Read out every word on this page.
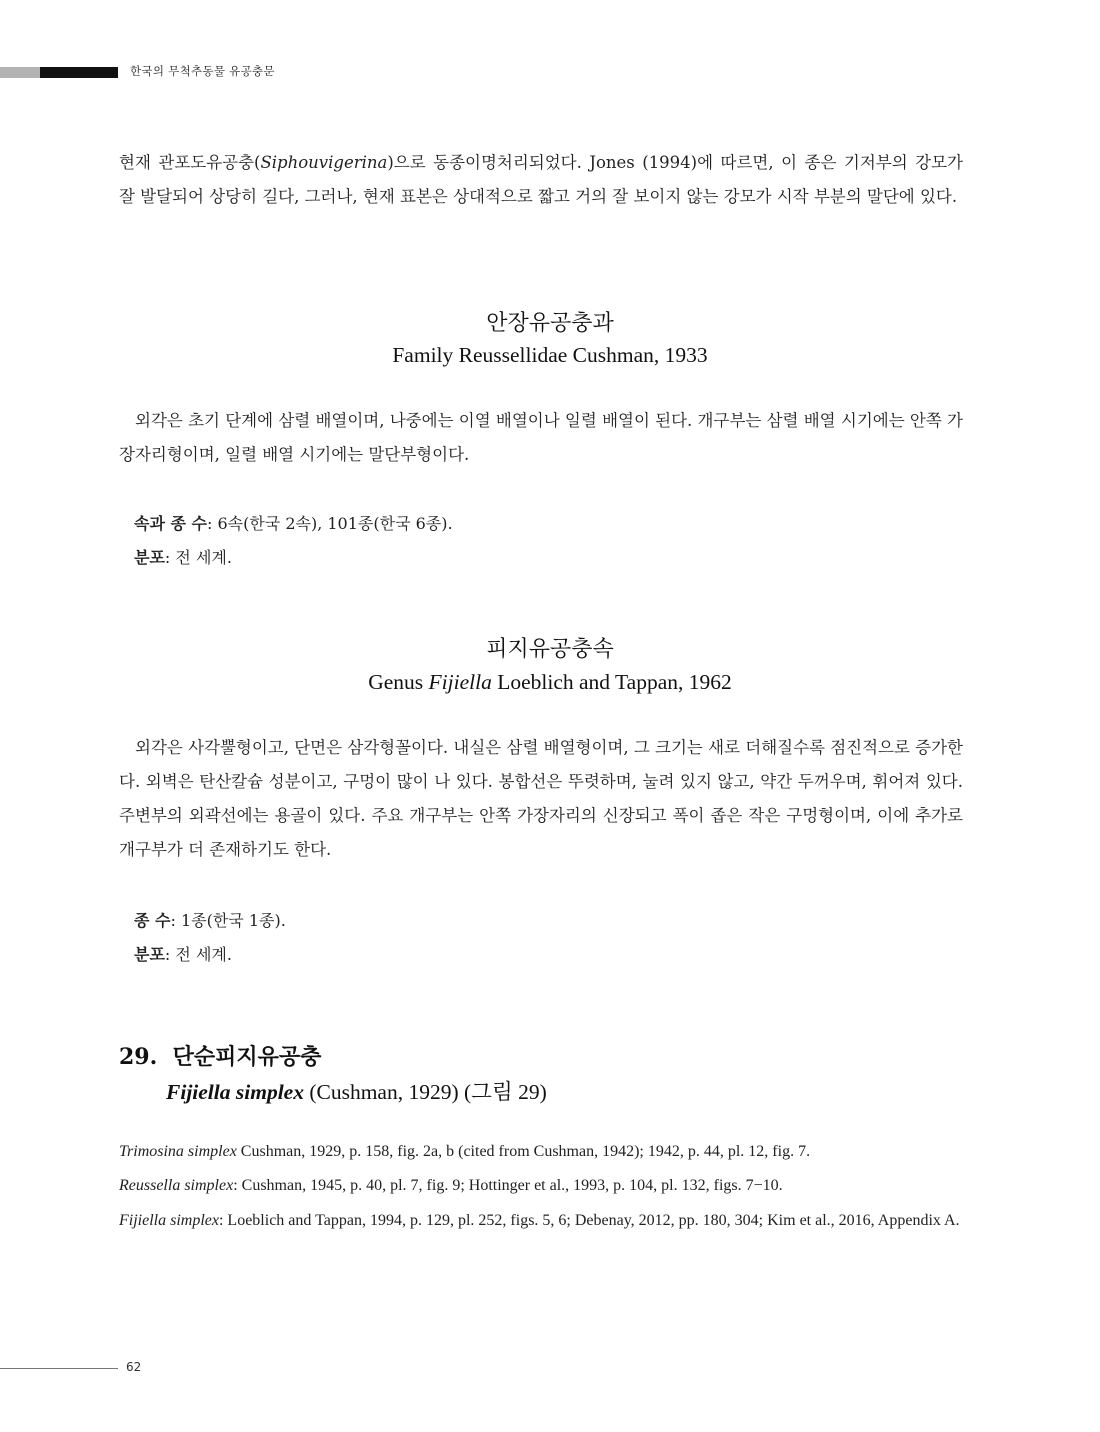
한국의 무척추동물 유공충문

현재 관포도유공충(Siphouvigerina)으로 동종이명처리되었다. Jones (1994)에 따르면, 이 종은 기저부의 강모가 잘 발달되어 상당히 길다, 그러나, 현재 표본은 상대적으로 짧고 거의 잘 보이지 않는 강모가 시작 부분의 말단에 있다.

안장유공충과
Family Reussellidae Cushman, 1933

외각은 초기 단계에 삼렬 배열이며, 나중에는 이열 배열이나 일렬 배열이 된다. 개구부는 삼렬 배열 시기에는 안쪽 가장자리형이며, 일렬 배열 시기에는 말단부형이다.

속과 종 수: 6속(한국 2속), 101종(한국 6종).
분포: 전 세계.
피지유공충속
Genus Fijiella Loeblich and Tappan, 1962

외각은 사각뿔형이고, 단면은 삼각형꼴이다. 내실은 삼렬 배열형이며, 그 크기는 새로 더해질수록 점진적으로 증가한다. 외벽은 탄산칼슘 성분이고, 구멍이 많이 나 있다. 봉합선은 뚜렷하며, 눌려 있지 않고, 약간 두꺼우며, 휘어져 있다. 주변부의 외곽선에는 용골이 있다. 주요 개구부는 안쪽 가장자리의 신장되고 폭이 좁은 작은 구멍형이며, 이에 추가로 개구부가 더 존재하기도 한다.

종 수: 1종(한국 1종).
분포: 전 세계.
29. 단순피지유공충
Fijiella simplex (Cushman, 1929) (그림 29)
Trimosina simplex Cushman, 1929, p. 158, fig. 2a, b (cited from Cushman, 1942); 1942, p. 44, pl. 12, fig. 7.
Reussella simplex: Cushman, 1945, p. 40, pl. 7, fig. 9; Hottinger et al., 1993, p. 104, pl. 132, figs. 7−10.
Fijiella simplex: Loeblich and Tappan, 1994, p. 129, pl. 252, figs. 5, 6; Debenay, 2012, pp. 180, 304; Kim et al., 2016, Appendix A.
62
